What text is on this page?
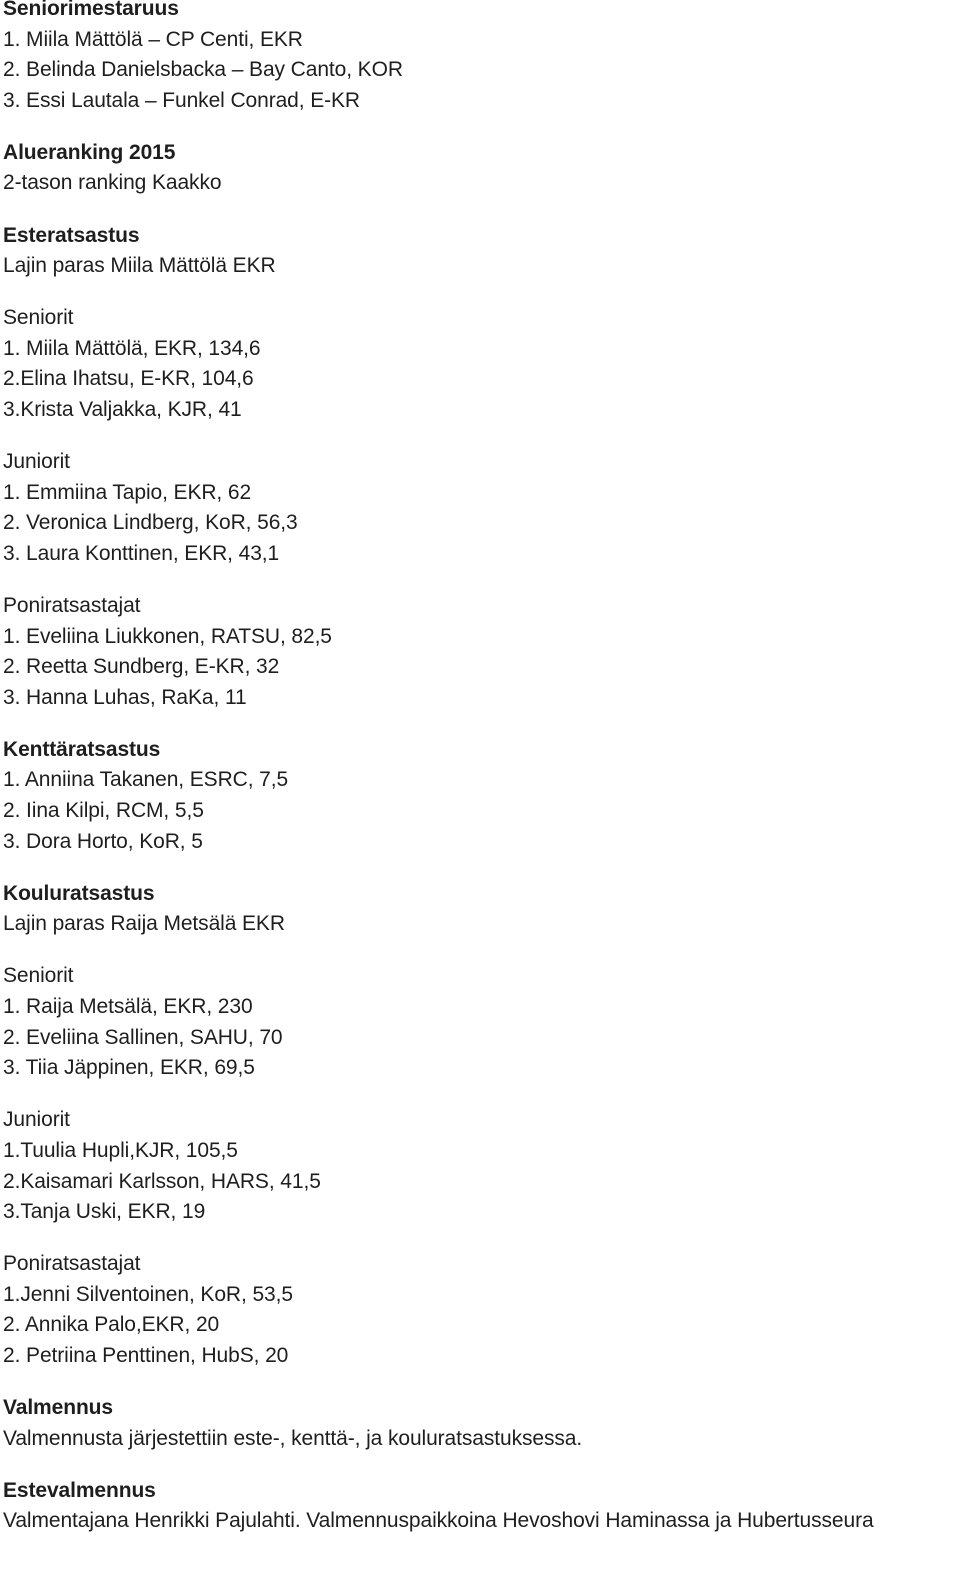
Seniorimestaruus
1. Miila Mättölä – CP Centi, EKR
2. Belinda Danielsbacka – Bay Canto, KOR
3. Essi Lautala – Funkel Conrad, E-KR
Alueranking 2015
2-tason ranking Kaakko
Esteratsastus
Lajin paras Miila Mättölä EKR
Seniorit
1. Miila Mättölä, EKR, 134,6
2.Elina Ihatsu, E-KR, 104,6
3.Krista Valjakka, KJR, 41
Juniorit
1. Emmiina Tapio, EKR, 62
2. Veronica Lindberg, KoR, 56,3
3. Laura Konttinen, EKR, 43,1
Poniratsastajat
1. Eveliina Liukkonen, RATSU, 82,5
2. Reetta Sundberg, E-KR, 32
3. Hanna Luhas, RaKa, 11
Kenttäratsastus
1. Anniina Takanen, ESRC, 7,5
2. Iina Kilpi, RCM, 5,5
3. Dora Horto, KoR, 5
Kouluratsastus
Lajin paras Raija Metsälä EKR
Seniorit
1. Raija Metsälä, EKR, 230
2. Eveliina Sallinen, SAHU, 70
3. Tiia Jäppinen, EKR, 69,5
Juniorit
1.Tuulia Hupli,KJR, 105,5
2.Kaisamari Karlsson, HARS, 41,5
3.Tanja Uski, EKR, 19
Poniratsastajat
1.Jenni Silventoinen, KoR, 53,5
2. Annika Palo,EKR, 20
2. Petriina Penttinen, HubS, 20
Valmennus
Valmennusta järjestettiin este-, kenttä-, ja kouluratsastuksessa.
Estevalmennus
Valmentajana Henrikki Pajulahti. Valmennuspaikkoina Hevoshovi Haminassa ja Hubertusseura
